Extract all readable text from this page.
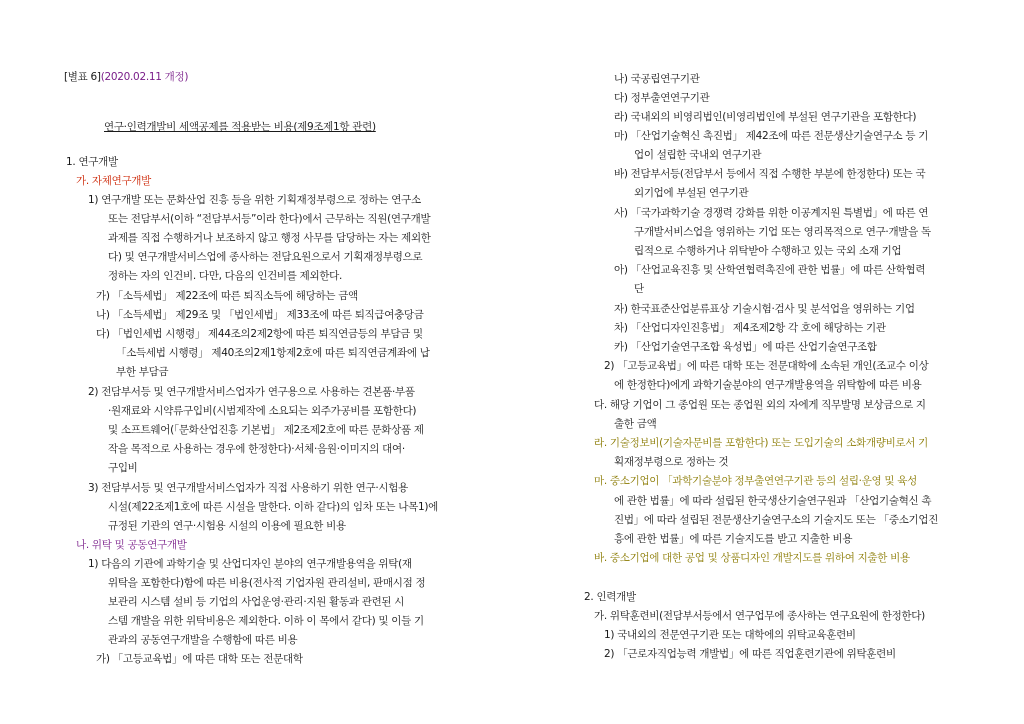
[별표 6](2020.02.11 개정)
연구·인력개발비 세액공제를 적용받는 비용(제9조제1항 관련)
1. 연구개발
가. 자체연구개발
1) 연구개발 또는 문화산업 진흥 등을 위한 기획재정부령으로 정하는 연구소
또는 전담부서(이하 “전담부서등”이라 한다)에서 근무하는 직원(연구개발
과제를 직접 수행하거나 보조하지 않고 행정 사무를 담당하는 자는 제외한
다) 및 연구개발서비스업에 종사하는 전담요원으로서 기획재정부령으로
정하는 자의 인건비. 다만, 다음의 인건비를 제외한다.
가) 「소득세법」 제22조에 따른 퇴직소득에 해당하는 금액
나) 「소득세법」 제29조 및 「법인세법」 제33조에 따른 퇴직급여충당금
다) 「법인세법 시행령」 제44조의2제2항에 따른 퇴직연금등의 부담금 및
「소득세법 시행령」 제40조의2제1항제2호에 따른 퇴직연금계좌에 납
부한 부담금
2) 전담부서등 및 연구개발서비스업자가 연구용으로 사용하는 견본품·부품
·원재료와 시약류구입비(시범제작에 소요되는 외주가공비를 포함한다)
및 소프트웨어(「문화산업진흥 기본법」 제2조제2호에 따른 문화상품 제
작을 목적으로 사용하는 경우에 한정한다)·서체·음원·이미지의 대여·
구입비
3) 전담부서등 및 연구개발서비스업자가 직접 사용하기 위한 연구·시험용
시설(제22조제1호에 따른 시설을 말한다. 이하 같다)의 임차 또는 나목1)에
규정된 기관의 연구·시험용 시설의 이용에 필요한 비용
나. 위탁 및 공동연구개발
1) 다음의 기관에 과학기술 및 산업디자인 분야의 연구개발용역을 위탁(재
위탁을 포함한다)함에 따른 비용(전사적 기업자원 관리설비, 판매시점 정
보관리 시스템 설비 등 기업의 사업운영·관리·지원 활동과 관련된 시
스템 개발을 위한 위탁비용은 제외한다. 이하 이 목에서 같다) 및 이들 기
관과의 공동연구개발을 수행함에 따른 비용
가) 「고등교육법」에 따른 대학 또는 전문대학
나) 국공립연구기관
다) 정부출연연구기관
라) 국내외의 비영리법인(비영리법인에 부설된 연구기관을 포함한다)
마) 「산업기술혁신 촉진법」 제42조에 따른 전문생산기술연구소 등 기
업이 설립한 국내외 연구기관
바) 전담부서등(전담부서 등에서 직접 수행한 부분에 한정한다) 또는 국
외기업에 부설된 연구기관
사) 「국가과학기술 경쟁력 강화를 위한 이공계지원 특별법」에 따른 연
구개발서비스업을 영위하는 기업 또는 영리목적으로 연구·개발을 독
립적으로 수행하거나 위탁받아 수행하고 있는 국외 소재 기업
아) 「산업교육진흥 및 산학연협력촉진에 관한 법률」에 따른 산학협력
단
자) 한국표준산업분류표상 기술시험·검사 및 분석업을 영위하는 기업
차) 「산업디자인진흥법」 제4조제2항 각 호에 해당하는 기관
카) 「산업기술연구조합 육성법」에 따른 산업기술연구조합
2) 「고등교육법」에 따른 대학 또는 전문대학에 소속된 개인(조교수 이상
에 한정한다)에게 과학기술분야의 연구개발용역을 위탁함에 따른 비용
다. 해당 기업이 그 종업원 또는 종업원 외의 자에게 직무발명 보상금으로 지
출한 금액
라. 기술정보비(기술자문비를 포함한다) 또는 도입기술의 소화개량비로서 기
획재정부령으로 정하는 것
마. 중소기업이 「과학기술분야 정부출연연구기관 등의 설립·운영 및 육성
에 관한 법률」에 따라 설립된 한국생산기술연구원과 「산업기술혁신 촉
진법」에 따라 설립된 전문생산기술연구소의 기술지도 또는 「중소기업진
흥에 관한 법률」에 따른 기술지도를 받고 지출한 비용
바. 중소기업에 대한 공업 및 상품디자인 개발지도를 위하여 지출한 비용
2. 인력개발
가. 위탁훈련비(전담부서등에서 연구업무에 종사하는 연구요원에 한정한다)
1) 국내외의 전문연구기관 또는 대학에의 위탁교육훈련비
2) 「근로자직업능력 개발법」에 따른 직업훈련기관에 위탁훈련비
